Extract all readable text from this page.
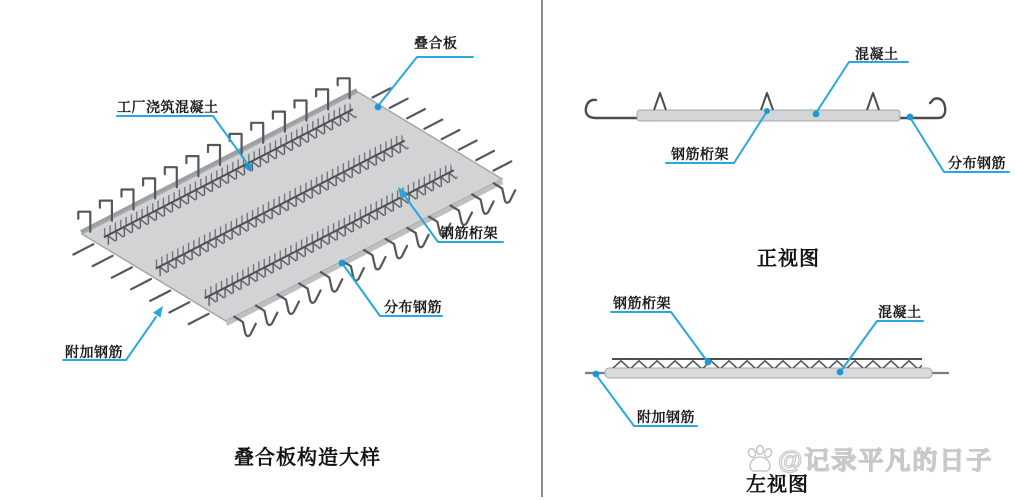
叠合板
工厂浇筑混凝土
钢筋桁架
分布钢筋
附加钢筋
叠合板构造大样
混凝土
钢筋桁架
分布钢筋
正视图
钢筋桁架
混凝土
附加钢筋
左视图
@记录平凡的日子
